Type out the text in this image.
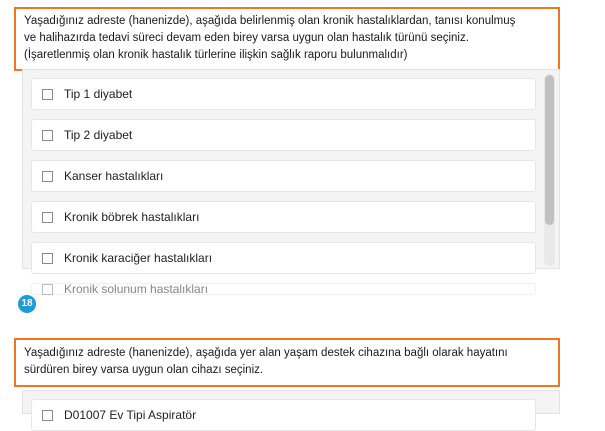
Yaşadığınız adreste (hanenizde), aşağıda belirlenmiş olan kronik hastalıklardan, tanısı konulmuş
ve halihazırda tedavi süreci devam eden birey varsa uygun olan hastalık türünü seçiniz.
(İşaretlenmiş olan kronik hastalık türlerine ilişkin sağlık raporu bulunmalıdır)
Tip 1 diyabet
Tip 2 diyabet
Kanser hastalıkları
Kronik böbrek hastalıkları
Kronik karaciğer hastalıkları
Kronik solunum hastalıkları
18
Yaşadığınız adreste (hanenizde), aşağıda yer alan yaşam destek cihazına bağlı olarak hayatını
sürdüren birey varsa uygun olan cihazı seçiniz.
D01007 Ev Tipi Aspiratör
